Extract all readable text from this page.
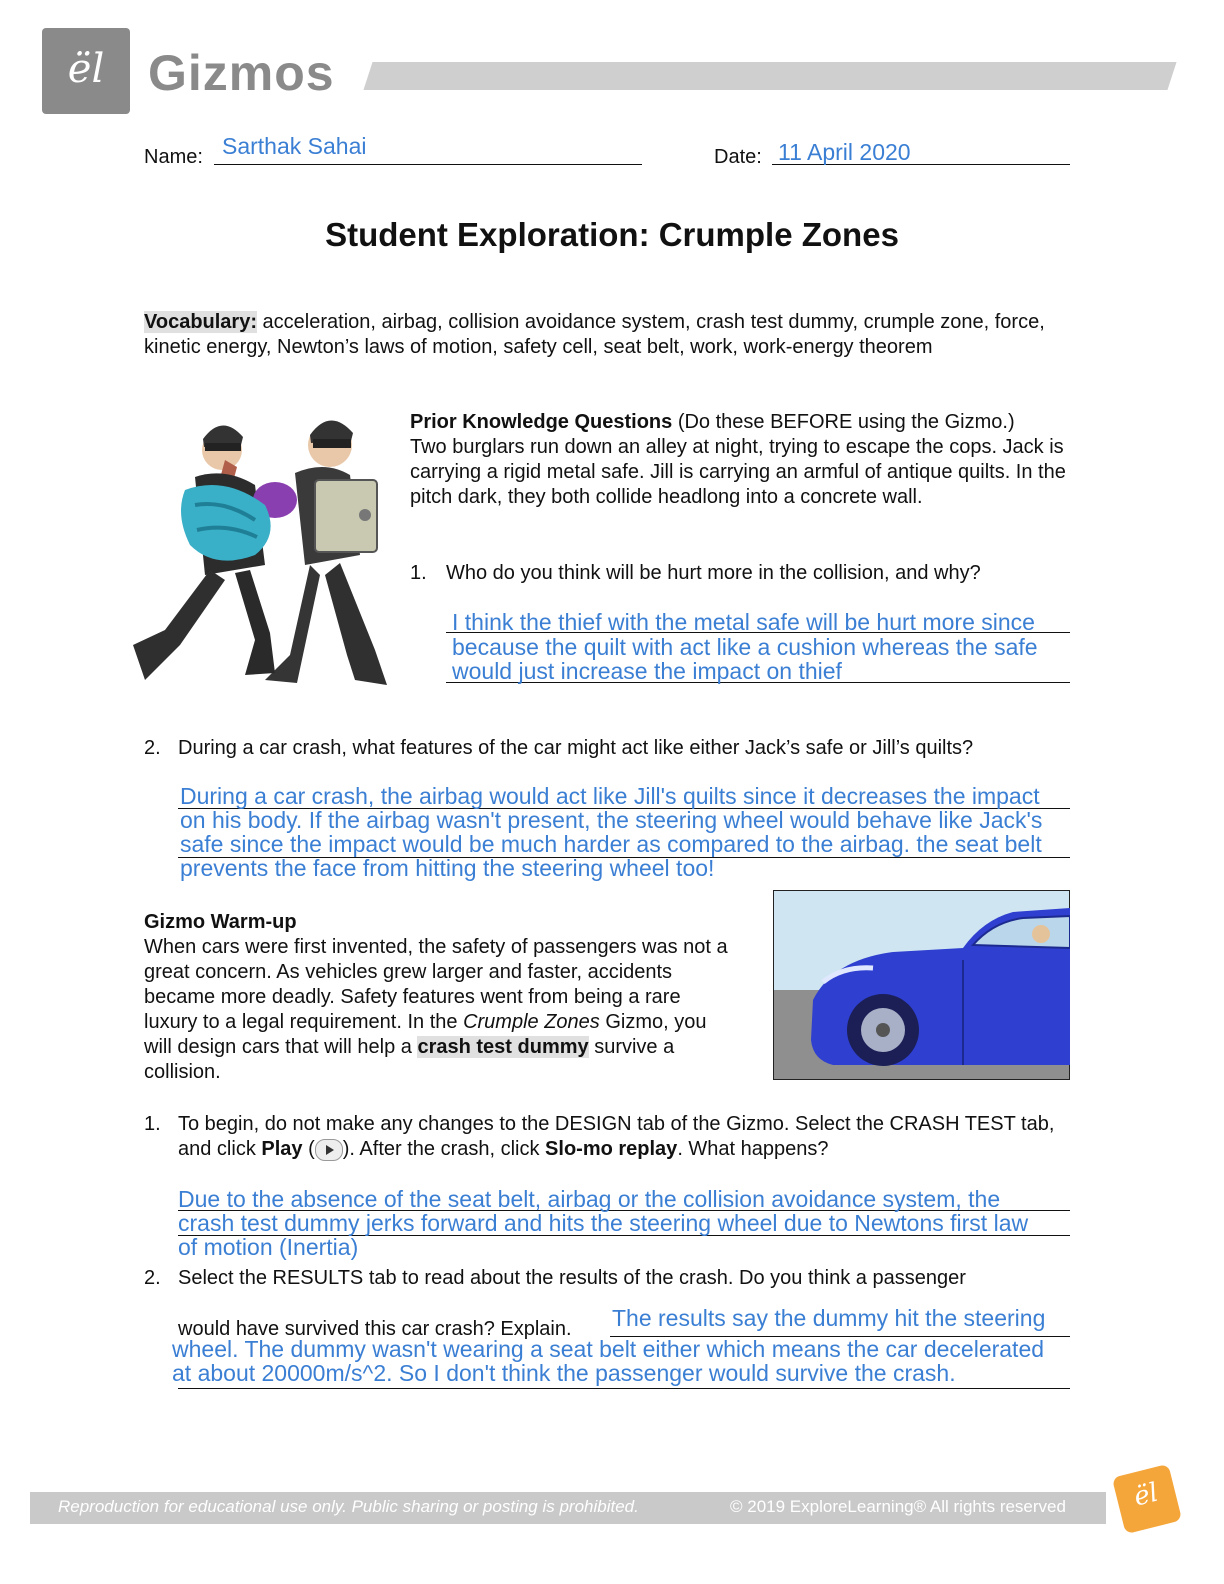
ël Gizmos
Name: Sarthak Sahai	Date: 11 April 2020
Student Exploration: Crumple Zones
Vocabulary: acceleration, airbag, collision avoidance system, crash test dummy, crumple zone, force, kinetic energy, Newton’s laws of motion, safety cell, seat belt, work, work-energy theorem
Prior Knowledge Questions (Do these BEFORE using the Gizmo.)
Two burglars run down an alley at night, trying to escape the cops. Jack is carrying a rigid metal safe. Jill is carrying an armful of antique quilts. In the pitch dark, they both collide headlong into a concrete wall.
1. Who do you think will be hurt more in the collision, and why?
I think the thief with the metal safe will be hurt more since
because the quilt with act like a cushion whereas the safe
would just increase the impact on thief
2. During a car crash, what features of the car might act like either Jack’s safe or Jill’s quilts?
During a car crash, the airbag would act like Jill's quilts since it decreases the impact
on his body. If the airbag wasn't present, the steering wheel would behave like Jack's
safe since the impact would be much harder as compared to the airbag. the seat belt
prevents the face from hitting the steering wheel too!
Gizmo Warm-up
When cars were first invented, the safety of passengers was not a great concern. As vehicles grew larger and faster, accidents became more deadly. Safety features went from being a rare luxury to a legal requirement. In the Crumple Zones Gizmo, you will design cars that will help a crash test dummy survive a collision.
1. To begin, do not make any changes to the DESIGN tab of the Gizmo. Select the CRASH TEST tab, and click Play ( ). After the crash, click Slo-mo replay. What happens?
Due to the absence of the seat belt, airbag or the collision avoidance system, the
crash test dummy jerks forward and hits the steering wheel due to Newtons first law
of motion (Inertia)
2. Select the RESULTS tab to read about the results of the crash. Do you think a passenger
would have survived this car crash? Explain. The results say the dummy hit the steering
wheel. The dummy wasn't wearing a seat belt either which means the car decelerated
at about 20000m/s^2. So I don't think the passenger would survive the crash.
Reproduction for educational use only. Public sharing or posting is prohibited.	© 2019 ExploreLearning® All rights reserved	ël
